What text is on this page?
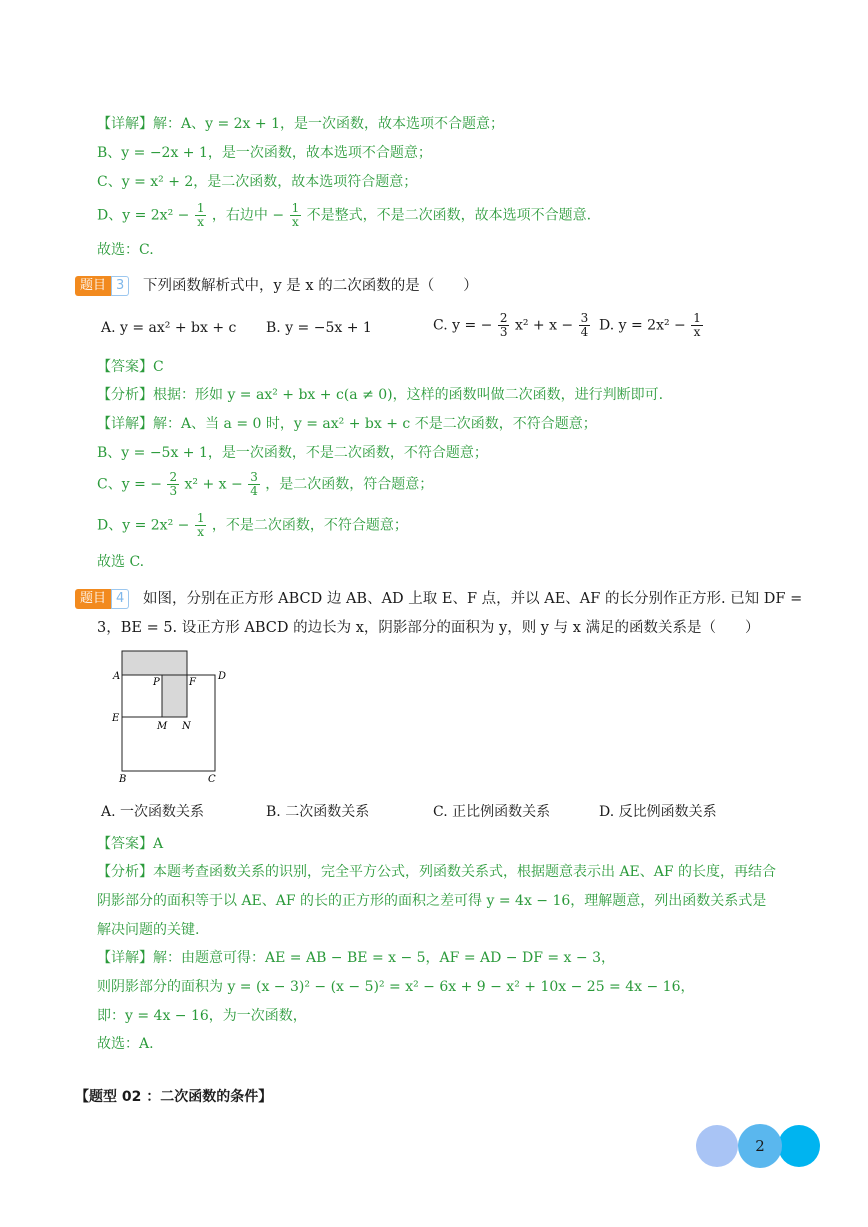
【详解】解：A、y = 2x + 1，是一次函数，故本选项不合题意；
B、y = −2x + 1，是一次函数，故本选项不合题意；
C、y = x² + 2，是二次函数，故本选项符合题意；
D、$y = 2x^2 - \frac{1}{x}$ ，右边中 − $\frac{1}{x}$ 不是整式，不是二次函数，故本选项不合题意.
故选：C.
题目 3	下列函数解析式中，y 是 x 的二次函数的是（　　）
A. y = ax² + bx + c B. y = −5x + 1	C. y = − $\frac{2}{3} x^2 + x - \frac{3}{4} D$. $y = 2x^2 - \frac{1}{x}$
【答案】C
【分析】根据：形如 y = ax² + bx + c(a ≠ 0)，这样的函数叫做二次函数，进行判断即可.
【详解】解：A、当 a = 0 时，y = ax² + bx + c 不是二次函数，不符合题意；
B、y = −5x + 1，是一次函数，不是二次函数，不符合题意；
C、y = − $\frac{2}{3} x^2 + x - \frac{3}{4}$ ，是二次函数，符合题意；
D、$y = 2x^2 - \frac{1}{x}$ ，不是二次函数，不符合题意；
故选 C.
题目 4	如图，分别在正方形 ABCD 边 AB、AD 上取 E、F 点，并以 AE、AF 的长分别作正方形. 已知 DF =
3，BE = 5. 设正方形 ABCD 的边长为 x，阴影部分的面积为 y，则 y 与 x 满足的函数关系是（　　）
A	D
P	F
E
M N
B	C
A. 一次函数关系	B. 二次函数关系	C. 正比例函数关系	D. 反比例函数关系
【答案】A
【分析】本题考查函数关系的识别，完全平方公式，列函数关系式，根据题意表示出 AE、AF 的长度，再结合
阴影部分的面积等于以 AE、AF 的长的正方形的面积之差可得 y = 4x − 16，理解题意，列出函数关系式是
解决问题的关键.
【详解】解：由题意可得：AE = AB − BE = x − 5，AF = AD − DF = x − 3，
则阴影部分的面积为 y = (x − 3)² − (x − 5)² = x² − 6x + 9 − x² + 10x − 25 = 4x − 16，
即：y = 4x − 16，为一次函数，
故选：A.
【题型 02 ：二次函数的条件】
2
